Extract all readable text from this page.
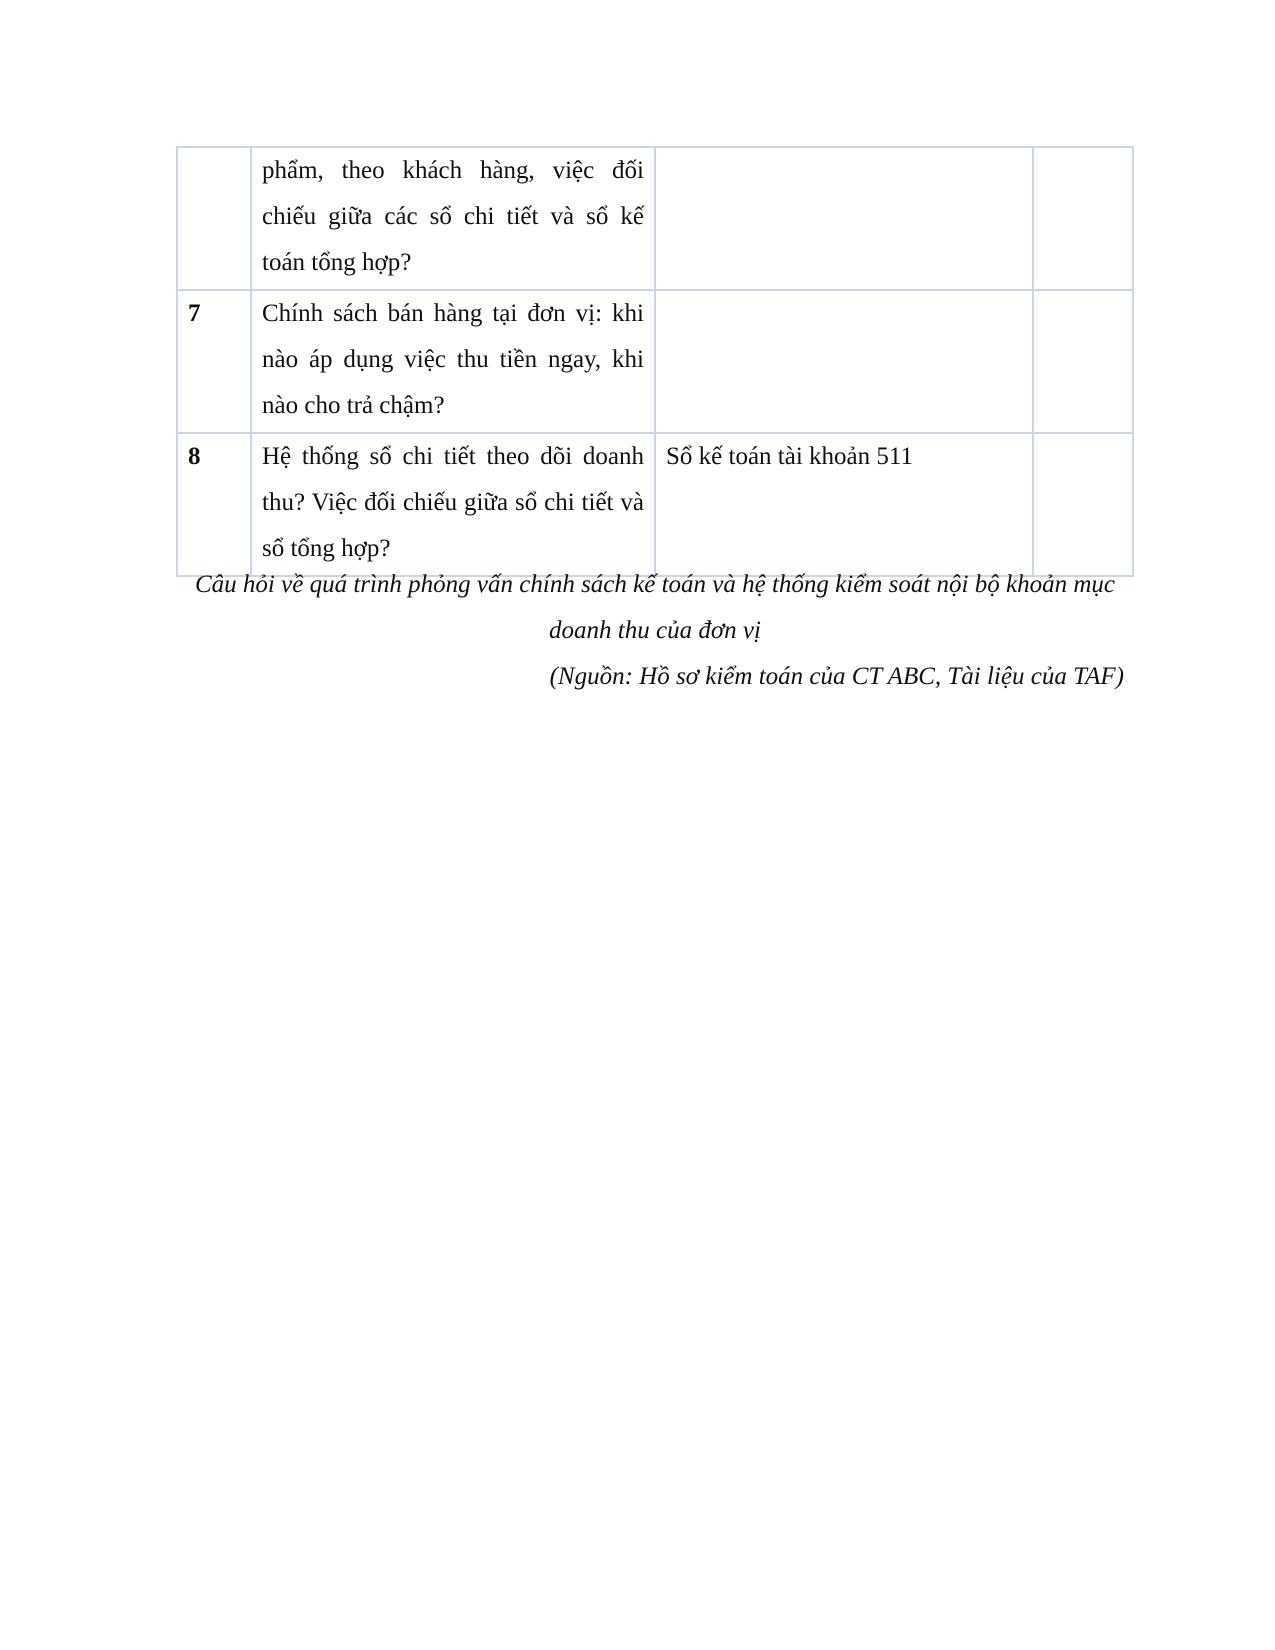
	phẩm, theo khách hàng, việc đối chiếu giữa các sổ chi tiết và sổ kế toán tổng hợp?		
7	Chính sách bán hàng tại đơn vị: khi nào áp dụng việc thu tiền ngay, khi nào cho trả chậm?		
8	Hệ thống sổ chi tiết theo dõi doanh thu? Việc đối chiếu giữa sổ chi tiết và sổ tổng hợp?	Sổ kế toán tài khoản 511	
Câu hỏi về quá trình phỏng vấn chính sách kế toán và hệ thống kiểm soát nội bộ khoản mục doanh thu của đơn vị
(Nguồn: Hồ sơ kiểm toán của CT ABC, Tài liệu của TAF)
